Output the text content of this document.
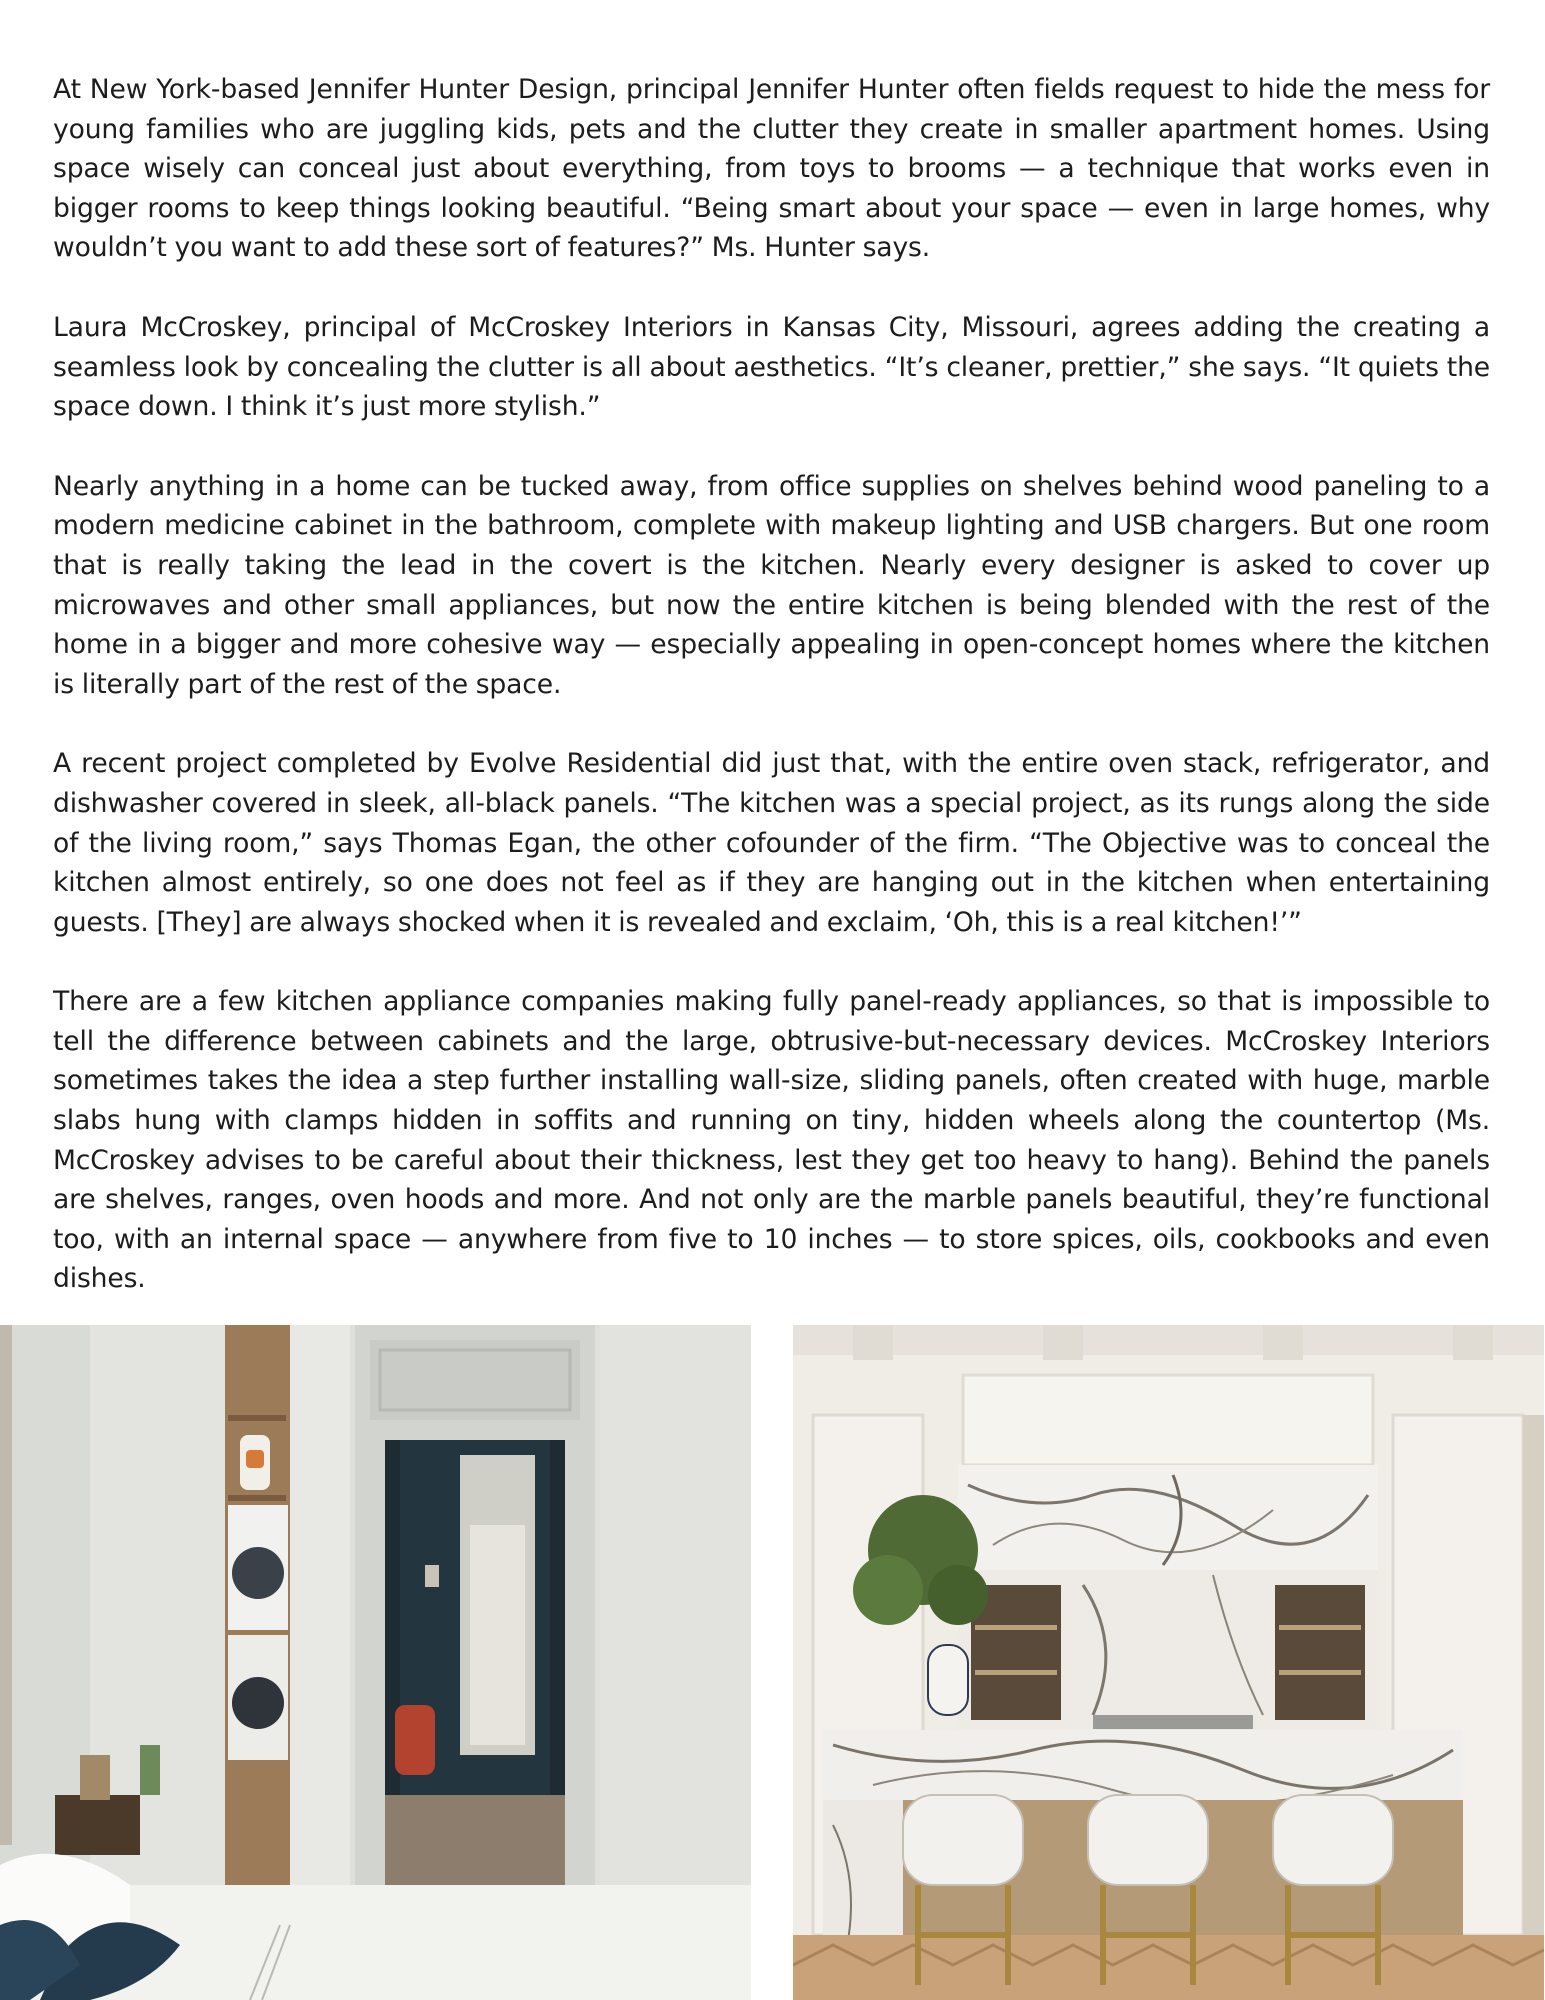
At New York-based Jennifer Hunter Design, principal Jennifer Hunter often fields request to hide the mess for young families who are juggling kids, pets and the clutter they create in smaller apartment homes. Using space wisely can conceal just about everything, from toys to brooms — a technique that works even in bigger rooms to keep things looking beautiful. “Being smart about your space — even in large homes, why wouldn’t you want to add these sort of features?” Ms. Hunter says.

Laura McCroskey, principal of McCroskey Interiors in Kansas City, Missouri, agrees adding the creating a seamless look by concealing the clutter is all about aesthetics. “It’s cleaner, prettier,” she says. “It quiets the space down. I think it’s just more stylish.”

Nearly anything in a home can be tucked away, from office supplies on shelves behind wood paneling to a modern medicine cabinet in the bathroom, complete with makeup lighting and USB chargers. But one room that is really taking the lead in the covert is the kitchen. Nearly every designer is asked to cover up microwaves and other small appliances, but now the entire kitchen is being blended with the rest of the home in a bigger and more cohesive way — especially appealing in open-concept homes where the kitchen is literally part of the rest of the space.

A recent project completed by Evolve Residential did just that, with the entire oven stack, refrigerator, and dishwasher covered in sleek, all-black panels. “The kitchen was a special project, as its rungs along the side of the living room,” says Thomas Egan, the other cofounder of the firm. “The Objective was to conceal the kitchen almost entirely, so one does not feel as if they are hanging out in the kitchen when entertaining guests. [They] are always shocked when it is revealed and exclaim, ‘Oh, this is a real kitchen!’”

There are a few kitchen appliance companies making fully panel-ready appliances, so that is impossible to tell the difference between cabinets and the large, obtrusive-but-necessary devices. McCroskey Interiors sometimes takes the idea a step further installing wall-size, sliding panels, often created with huge, marble slabs hung with clamps hidden in soffits and running on tiny, hidden wheels along the countertop (Ms. McCroskey advises to be careful about their thickness, lest they get too heavy to hang). Behind the panels are shelves, ranges, oven hoods and more. And not only are the marble panels beautiful, they’re functional too, with an internal space — anywhere from five to 10 inches — to store spices, oils, cookbooks and even dishes.
